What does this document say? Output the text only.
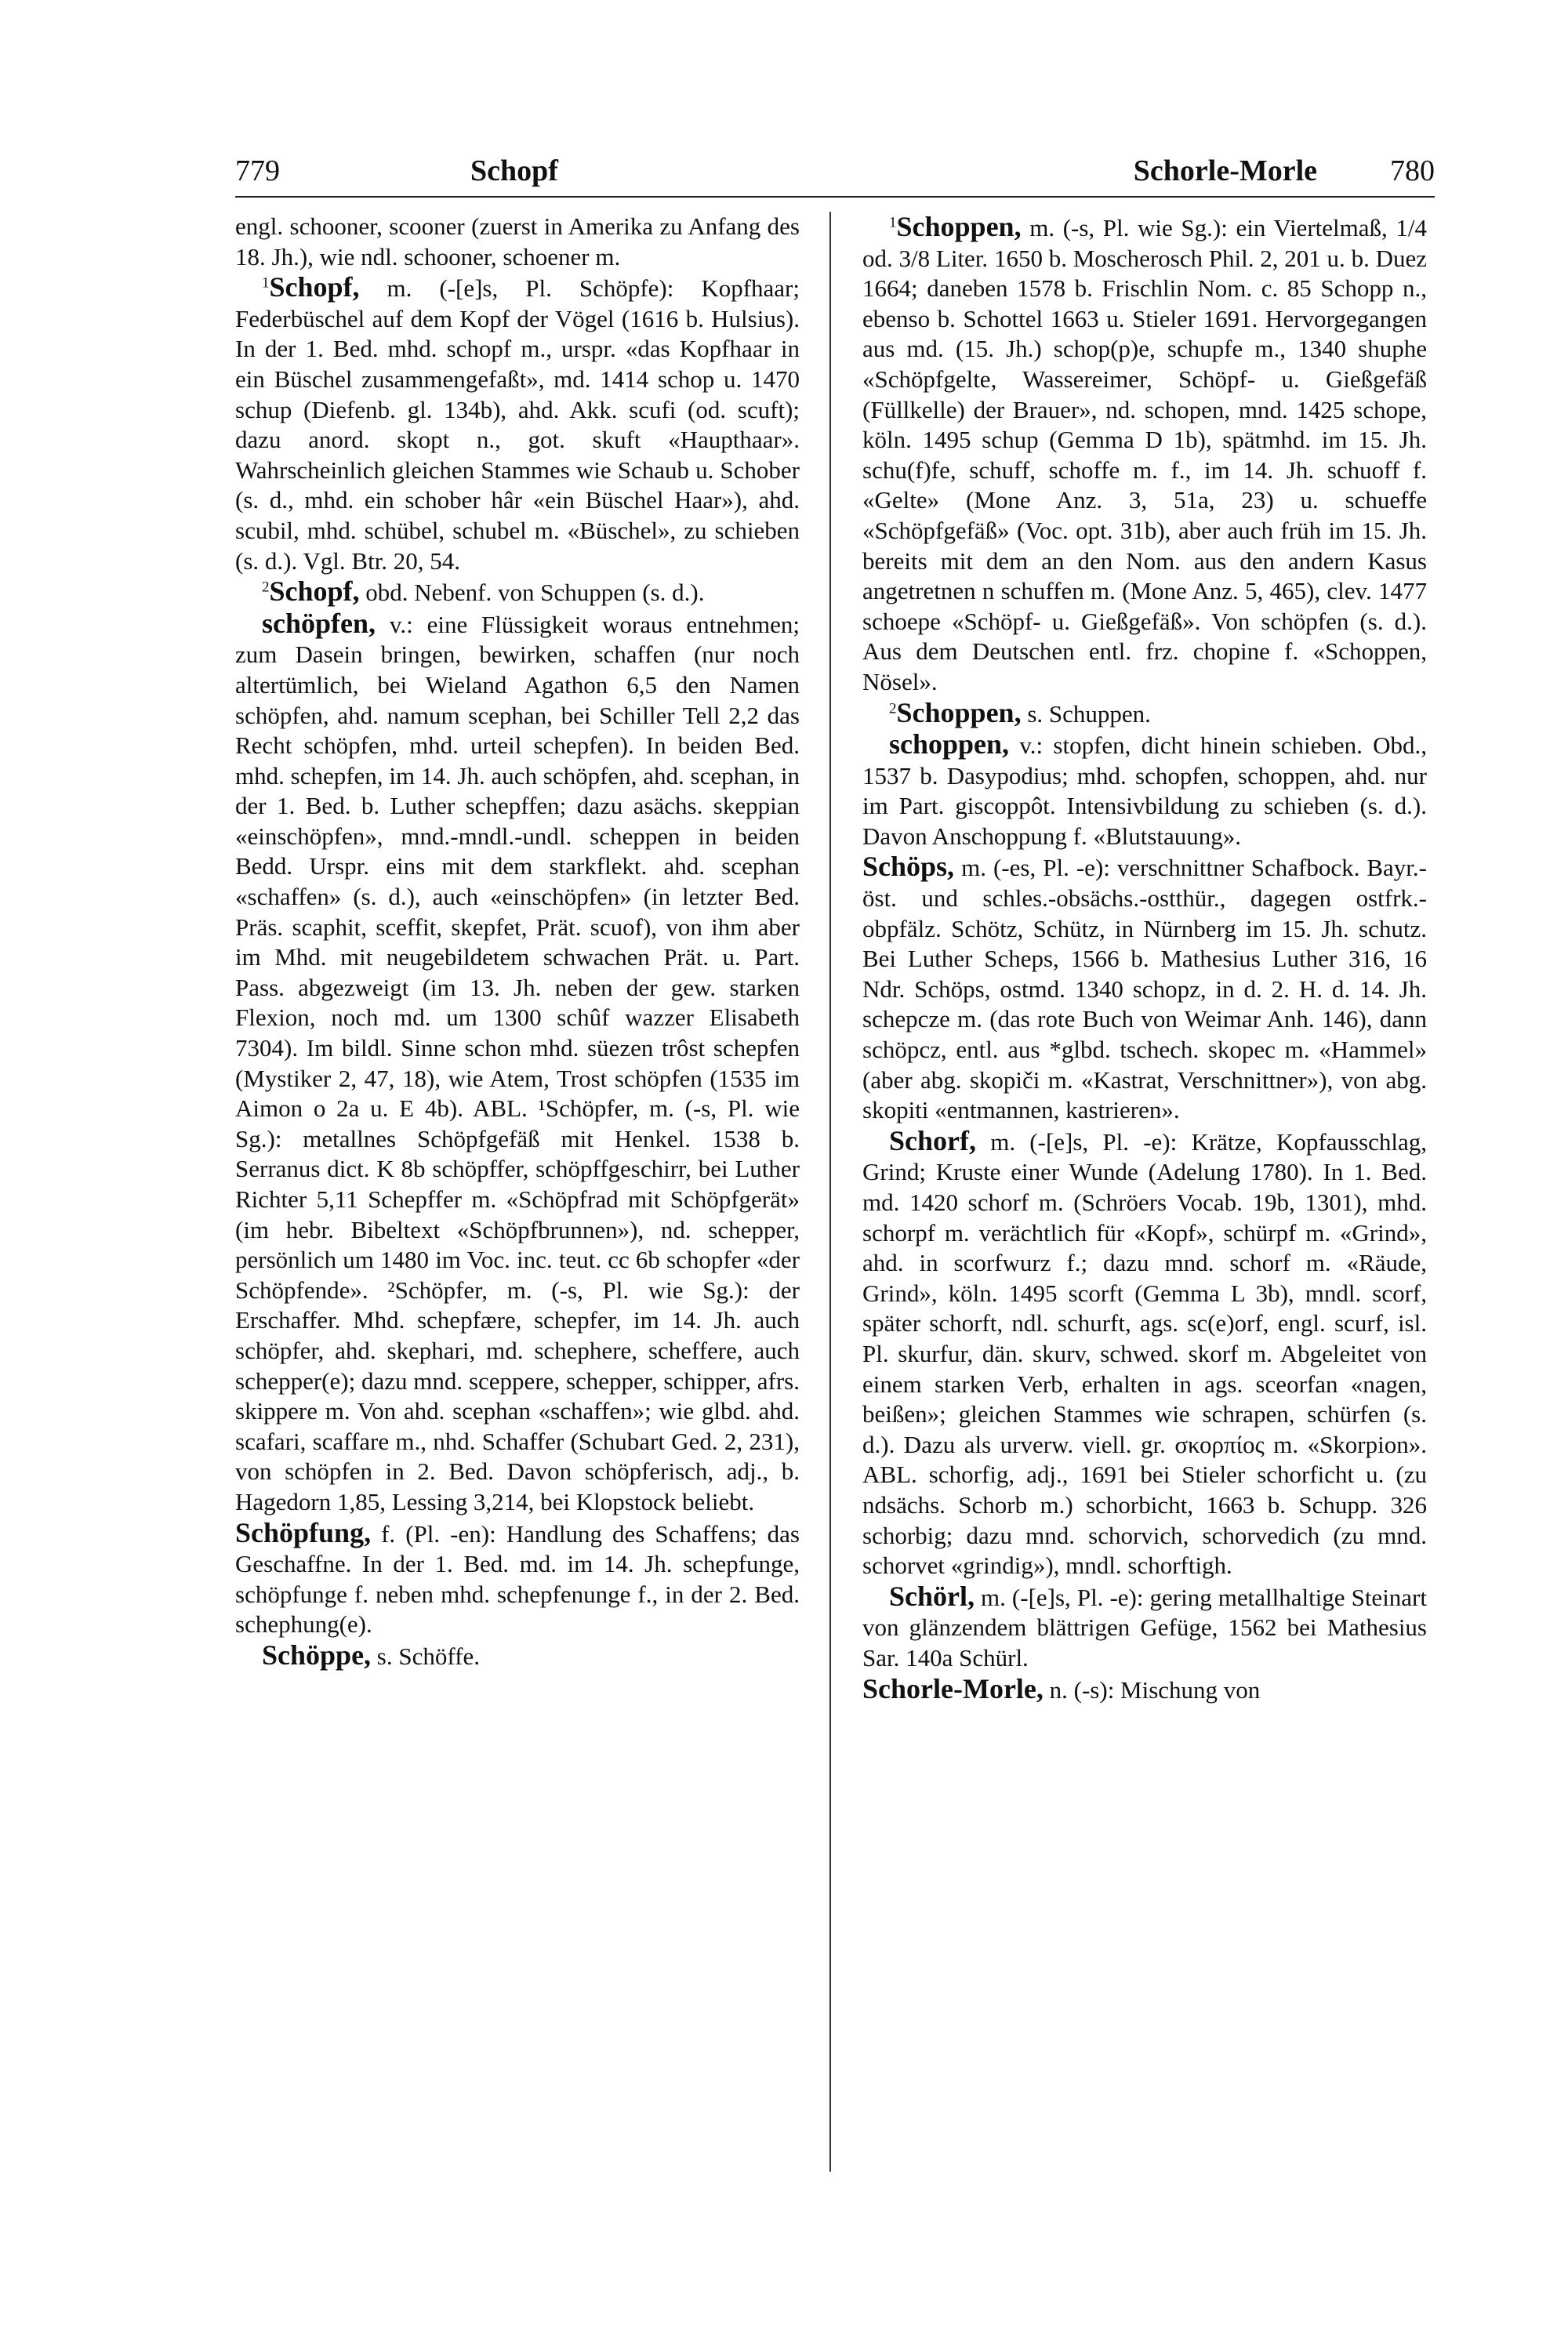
779	Schopf	Schorle-Morle 780

engl. schooner, scooner (zuerst in Amerika zu Anfang des 18. Jh.), wie ndl. schooner, schoener m.

$^1$Schopf, m. (-[e]s, Pl. Schöpfe): Kopfhaar; Federbüschel auf dem Kopf der Vögel (1616 b. Hulsius). In der 1. Bed. mhd. schopf m., urspr. «das Kopfhaar in ein Büschel zusammengefaßt», md. 1414 schop u. 1470 schup (Diefenb. gl. 134b), ahd. Akk. scufi (od. scuft); dazu anord. skopt n., got. skuft «Haupthaar». Wahrscheinlich gleichen Stammes wie Schaub u. Schober (s. d., mhd. ein schober hâr «ein Büschel Haar»), ahd. scubil, mhd. schübel, schubel m. «Büschel», zu schieben (s. d.). Vgl. Btr. 20, 54.

$^2$Schopf, obd. Nebenf. von Schuppen (s. d.).

schöpfen, v.: eine Flüssigkeit woraus entnehmen; zum Dasein bringen, bewirken, schaffen (nur noch altertümlich, bei Wieland Agathon 6,5 den Namen schöpfen, ahd. namum scephan, bei Schiller Tell 2,2 das Recht schöpfen, mhd. urteil schepfen). In beiden Bed. mhd. schepfen, im 14. Jh. auch schöpfen, ahd. scephan, in der 1. Bed. b. Luther schepffen; dazu asächs. skeppian «einschöpfen», mnd.-mndl.-undl. scheppen in beiden Bedd. Urspr. eins mit dem starkflekt. ahd. scephan «schaffen» (s. d.), auch «einschöpfen» (in letzter Bed. Präs. scaphit, sceffit, skepfet, Prät. scuof), von ihm aber im Mhd. mit neugebildetem schwachen Prät. u. Part. Pass. abgezweigt (im 13. Jh. neben der gew. starken Flexion, noch md. um 1300 schûf wazzer Elisabeth 7304). Im bildl. Sinne schon mhd. süezen trôst schepfen (Mystiker 2, 47, 18), wie Atem, Trost schöpfen (1535 im Aimon o 2a u. E 4b). ABL. ¹Schöpfer, m. (-s, Pl. wie Sg.): metallnes Schöpfgefäß mit Henkel. 1538 b. Serranus dict. K 8b schöpffer, schöpffgeschirr, bei Luther Richter 5,11 Schepffer m. «Schöpfrad mit Schöpfgerät» (im hebr. Bibeltext «Schöpfbrunnen»), nd. schepper, persönlich um 1480 im Voc. inc. teut. cc 6b schopfer «der Schöpfende». ²Schöpfer, m. (-s, Pl. wie Sg.): der Erschaffer. Mhd. schepfære, schepfer, im 14. Jh. auch schöpfer, ahd. skephari, md. schephere, scheffere, auch schepper(e); dazu mnd. sceppere, schepper, schipper, afrs. skippere m. Von ahd. scephan «schaffen»; wie glbd. ahd. scafari, scaffare m., nhd. Schaffer (Schubart Ged. 2, 231), von schöpfen in 2. Bed. Davon schöpferisch, adj., b. Hagedorn 1,85, Lessing 3,214, bei Klopstock beliebt.

Schöpfung, f. (Pl. -en): Handlung des Schaffens; das Geschaffne. In der 1. Bed. md. im 14. Jh. schepfunge, schöpfunge f. neben mhd. schepfenunge f., in der 2. Bed. schephung(e).

Schöppe, s. Schöffe.

$^1$Schoppen, m. (-s, Pl. wie Sg.): ein Viertelmaß, 1/4 od. 3/8 Liter. 1650 b. Moscherosch Phil. 2, 201 u. b. Duez 1664; daneben 1578 b. Frischlin Nom. c. 85 Schopp n., ebenso b. Schottel 1663 u. Stieler 1691. Hervorgegangen aus md. (15. Jh.) schop(p)e, schupfe m., 1340 shuphe «Schöpfgelte, Wassereimer, Schöpf- u. Gießgefäß (Füllkelle) der Brauer», nd. schopen, mnd. 1425 schope, köln. 1495 schup (Gemma D 1b), spätmhd. im 15. Jh. schu(f)fe, schuff, schoffe m. f., im 14. Jh. schuoff f. «Gelte» (Mone Anz. 3, 51a, 23) u. schueffe «Schöpfgefäß» (Voc. opt. 31b), aber auch früh im 15. Jh. bereits mit dem an den Nom. aus den andern Kasus angetretnen n schuffen m. (Mone Anz. 5, 465), clev. 1477 schoepe «Schöpf- u. Gießgefäß». Von schöpfen (s. d.). Aus dem Deutschen entl. frz. chopine f. «Schoppen, Nösel».

$^2$Schoppen, s. Schuppen.

schoppen, v.: stopfen, dicht hinein schieben. Obd., 1537 b. Dasypodius; mhd. schopfen, schoppen, ahd. nur im Part. giscoppôt. Intensivbildung zu schieben (s. d.). Davon Anschoppung f. «Blutstauung».

Schöps, m. (-es, Pl. -e): verschnittner Schafbock. Bayr.-öst. und schles.-obsächs.-ostthür., dagegen ostfrk.-obpfälz. Schötz, Schütz, in Nürnberg im 15. Jh. schutz. Bei Luther Scheps, 1566 b. Mathesius Luther 316, 16 Ndr. Schöps, ostmd. 1340 schopz, in d. 2. H. d. 14. Jh. schepcze m. (das rote Buch von Weimar Anh. 146), dann schöpcz, entl. aus *glbd. tschech. skopec m. «Hammel» (aber abg. skopiči m. «Kastrat, Verschnittner»), von abg. skopiti «entmannen, kastrieren».

Schorf, m. (-[e]s, Pl. -e): Krätze, Kopfausschlag, Grind; Kruste einer Wunde (Adelung 1780). In 1. Bed. md. 1420 schorf m. (Schröers Vocab. 19b, 1301), mhd. schorpf m. verächtlich für «Kopf», schürpf m. «Grind», ahd. in scorfwurz f.; dazu mnd. schorf m. «Räude, Grind», köln. 1495 scorft (Gemma L 3b), mndl. scorf, später schorft, ndl. schurft, ags. sc(e)orf, engl. scurf, isl. Pl. skurfur, dän. skurv, schwed. skorf m. Abgeleitet von einem starken Verb, erhalten in ags. sceorfan «nagen, beißen»; gleichen Stammes wie schrapen, schürfen (s. d.). Dazu als urverw. viell. gr. σκορπίος m. «Skorpion». ABL. schorfig, adj., 1691 bei Stieler schorficht u. (zu ndsächs. Schorb m.) schorbicht, 1663 b. Schupp. 326 schorbig; dazu mnd. schorvich, schorvedich (zu mnd. schorvet «grindig»), mndl. schorftigh.

Schörl, m. (-[e]s, Pl. -e): gering metallhaltige Steinart von glänzendem blättrigen Gefüge, 1562 bei Mathesius Sar. 140a Schürl.

Schorle-Morle, n. (-s): Mischung von
